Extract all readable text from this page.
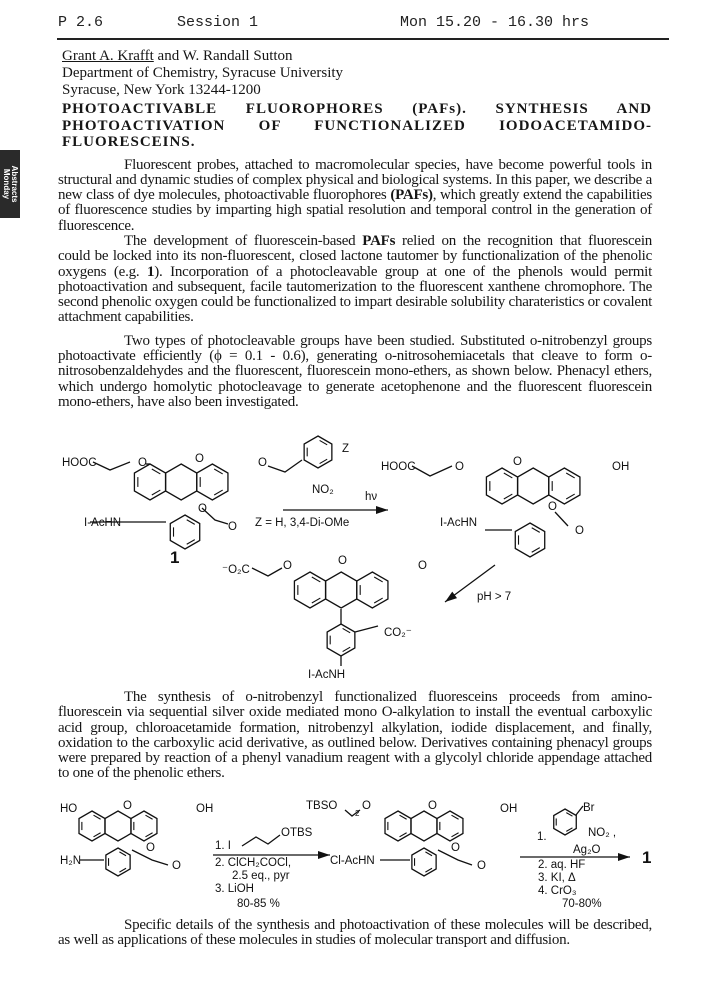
P 2.6	Session 1	Mon 15.20 - 16.30 hrs
Abstracts
Monday
Grant A. Krafft and W. Randall Sutton
Department of Chemistry, Syracuse University
Syracuse, New York 13244-1200
PHOTOACTIVABLE FLUOROPHORES (PAFs). SYNTHESIS AND PHOTOACTIVATION OF FUNCTIONALIZED IODOACETAMIDO-FLUORESCEINS.
Fluorescent probes, attached to macromolecular species, have become powerful tools in structural and dynamic studies of complex physical and biological systems. In this paper, we describe a new class of dye molecules, photoactivable fluorophores (PAFs), which greatly extend the capabilities of fluorescence studies by imparting high spatial resolution and temporal control in the generation of fluorescence.
The development of fluorescein-based PAFs relied on the recognition that fluorescein could be locked into its non-fluorescent, closed lactone tautomer by functionalization of the phenolic oxygens (e.g. 1). Incorporation of a photocleavable group at one of the phenols would permit photoactivation and subsequent, facile tautomerization to the fluorescent xanthene chromophore. The second phenolic oxygen could be functionalized to impart desirable solubility charateristics or covalent attachment capabilities.
Two types of photocleavable groups have been studied. Substituted o-nitrobenzyl groups photoactivate efficiently (ϕ = 0.1 - 0.6), generating o-nitrosohemiacetals that cleave to form o-nitrosobenzaldehydes and the fluorescent, fluorescein mono-ethers, as shown below. Phenacyl ethers, which undergo homolytic photocleavage to generate acetophenone and the fluorescent fluorescein mono-ethers, have also been investigated.
The synthesis of o-nitrobenzyl functionalized fluoresceins proceeds from amino-fluorescein via sequential silver oxide mediated mono O-alkylation to install the eventual carboxylic acid group, chloroacetamide formation, nitrobenzyl alkylation, iodide displacement, and finally, oxidation to the carboxylic acid derivative, as outlined below. Derivatives containing phenacyl groups were prepared by reaction of a phenyl vanadium reagent with a glycolyl chloride appendage attached to one of the phenolic ethers.
Specific details of the synthesis and photoactivation of these molecules will be described, as well as applications of these molecules in studies of molecular transport and diffusion.
HOOC	O	O	O
Z
NO₂
I-AcHN
O
O
1
Z = H, 3,4-Di-OMe
hν
HOOC	O	O	OH
I-AcHN
O
O
pH > 7
⁻O₂C	O	O	O
CO₂⁻
I-AcNH
HO	O	OH
H₂N
O
O
1. I
OTBS
2. ClCH₂COCl,
2.5 eq., pyr
3. LiOH
80-85 %
TBSO
2
O	O	OH
Cl-AcHN
O
O
1.
Br
NO₂ ,
Ag₂O
2. aq. HF
3. KI, Δ
4. CrO₃
70-80%
1
